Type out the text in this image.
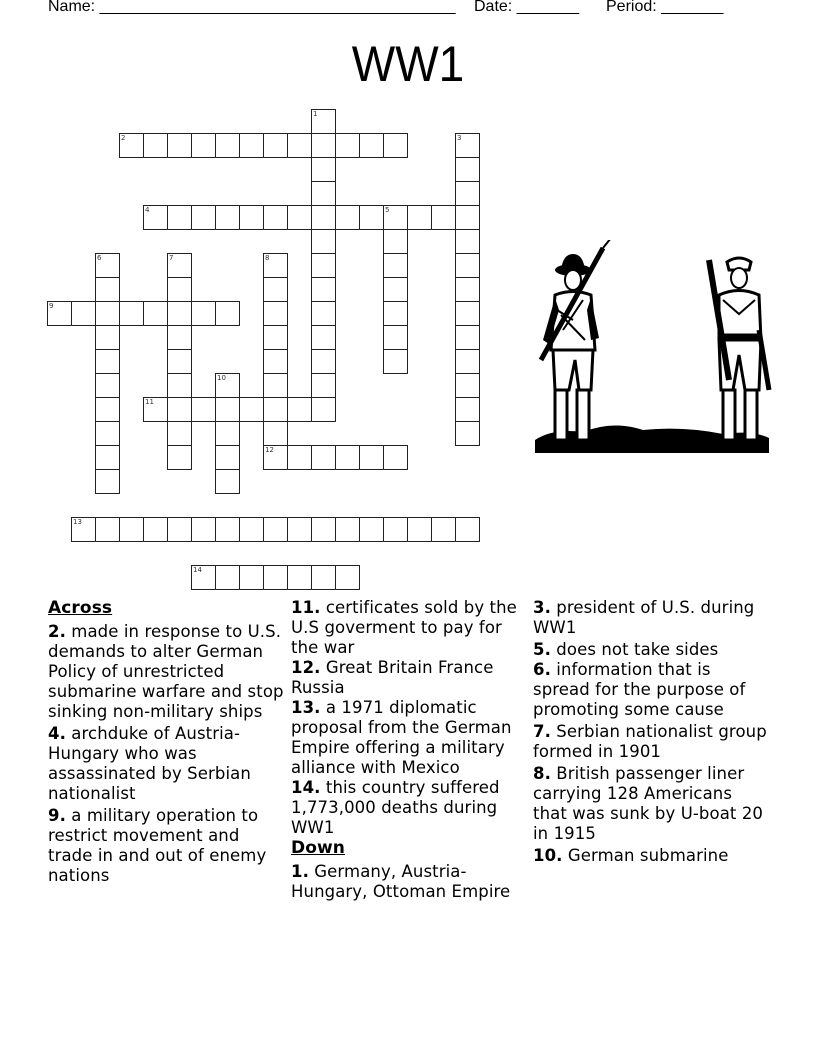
Name: ________________________________________ Date: _______ Period: _______
WW1
1
2	3
4	5
6	7	8
12
9
10
11
13
14
Across
2. made in response to U.S. demands to alter German Policy of unrestricted submarine warfare and stop sinking non-military ships
4. archduke of Austria-Hungary who was assassinated by Serbian nationalist
9. a military operation to restrict movement and trade in and out of enemy nations
11. certificates sold by the U.S goverment to pay for the war
12. Great Britain France Russia
13. a 1971 diplomatic proposal from the German Empire offering a military alliance with Mexico
14. this country suffered 1,773,000 deaths during WW1
Down
1. Germany, Austria-Hungary, Ottoman Empire
3. president of U.S. during WW1
5. does not take sides
6. information that is spread for the purpose of promoting some cause
7. Serbian nationalist group formed in 1901
8. British passenger liner carrying 128 Americans that was sunk by U-boat 20 in 1915
10. German submarine
